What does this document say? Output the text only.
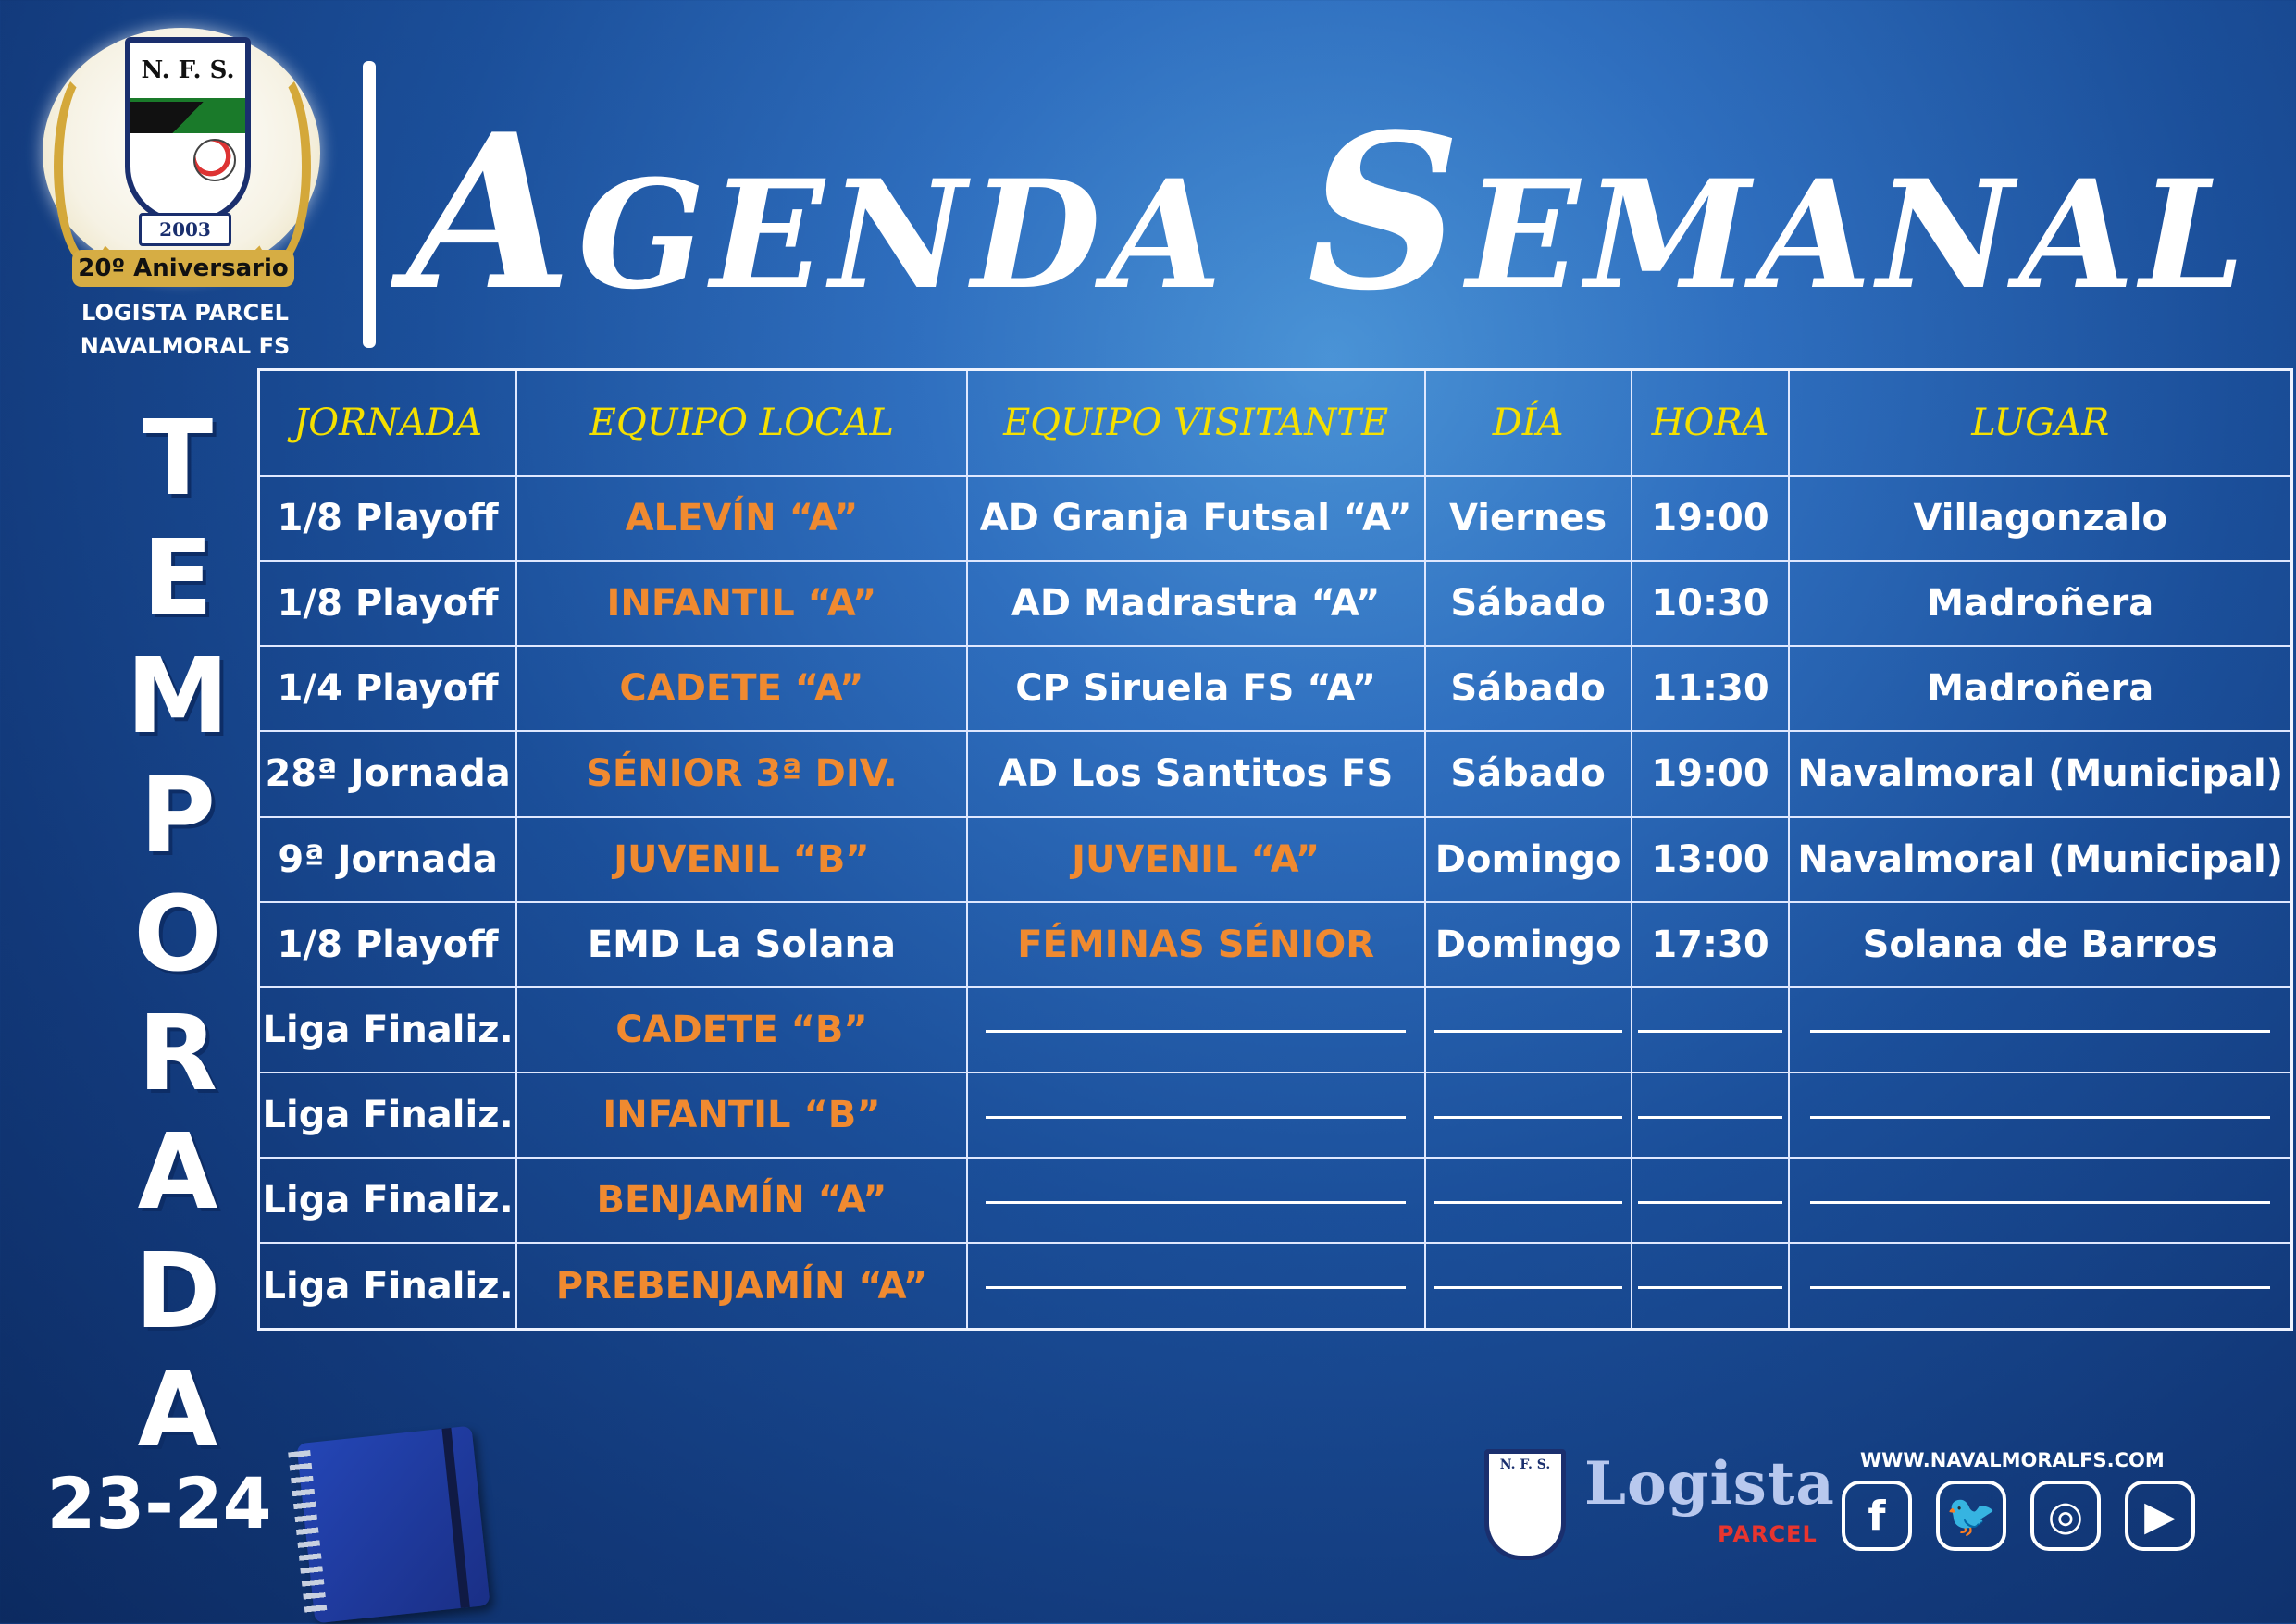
N. F. S.
2003
20º Aniversario
LOGISTA PARCEL
NAVALMORAL FS
Agenda Semanal
T
E
M
P
O
R
A
D
A
23-24
JORNADA	EQUIPO LOCAL	EQUIPO VISITANTE	DÍA	HORA	LUGAR
1/8 Playoff	ALEVÍN “A”	AD Granja Futsal “A”	Viernes	19:00	Villagonzalo
1/8 Playoff	INFANTIL “A”	AD Madrastra “A”	Sábado	10:30	Madroñera
1/4 Playoff	CADETE “A”	CP Siruela FS “A”	Sábado	11:30	Madroñera
28ª Jornada	SÉNIOR 3ª DIV.	AD Los Santitos FS	Sábado	19:00	Navalmoral (Municipal)
9ª Jornada	JUVENIL “B”	JUVENIL “A”	Domingo	13:00	Navalmoral (Municipal)
1/8 Playoff	EMD La Solana	FÉMINAS SÉNIOR	Domingo	17:30	Solana de Barros
Liga Finaliz.	CADETE “B”				
Liga Finaliz.	INFANTIL “B”				
Liga Finaliz.	BENJAMÍN “A”				
Liga Finaliz.	PREBENJAMÍN “A”				
N. F. S. Logista
PARCEL
WWW.NAVALMORALFS.COM
f	🐦	◎	▶
